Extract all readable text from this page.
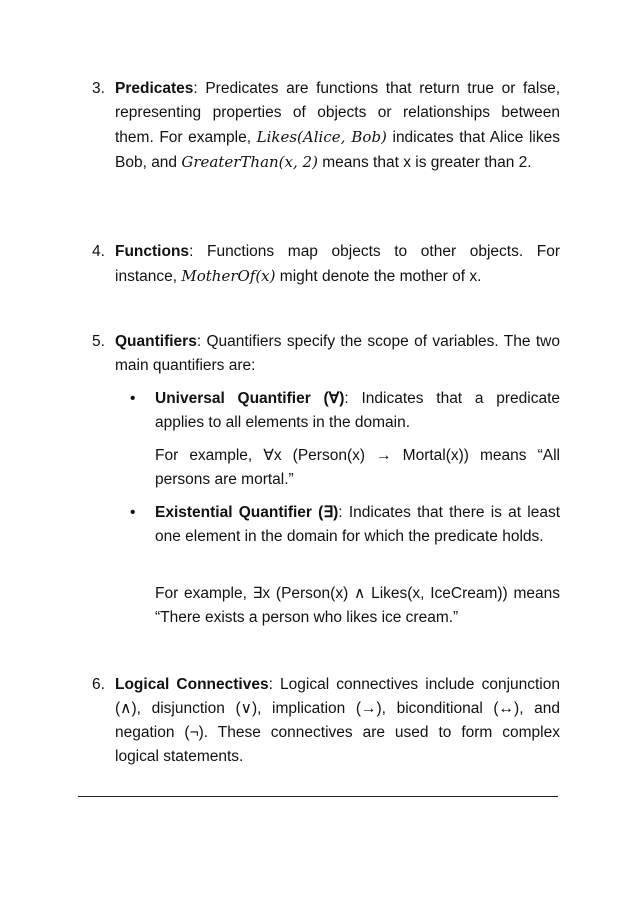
3. Predicates: Predicates are functions that return true or false, representing properties of objects or relationships between them. For example, Likes(Alice, Bob) indicates that Alice likes Bob, and GreaterThan(x, 2) means that x is greater than 2.
4. Functions: Functions map objects to other objects. For instance, MotherOf(x) might denote the mother of x.
5. Quantifiers: Quantifiers specify the scope of variables. The two main quantifiers are:
• Universal Quantifier (∀): Indicates that a predicate applies to all elements in the domain.
For example, ∀x (Person(x) → Mortal(x)) means “All persons are mortal.”
• Existential Quantifier (∃): Indicates that there is at least one element in the domain for which the predicate holds.
For example, ∃x (Person(x) ∧ Likes(x, IceCream)) means “There exists a person who likes ice cream.”
6. Logical Connectives: Logical connectives include conjunction (∧), disjunction (∨), implication (→), biconditional (↔), and negation (¬). These connectives are used to form complex logical statements.
